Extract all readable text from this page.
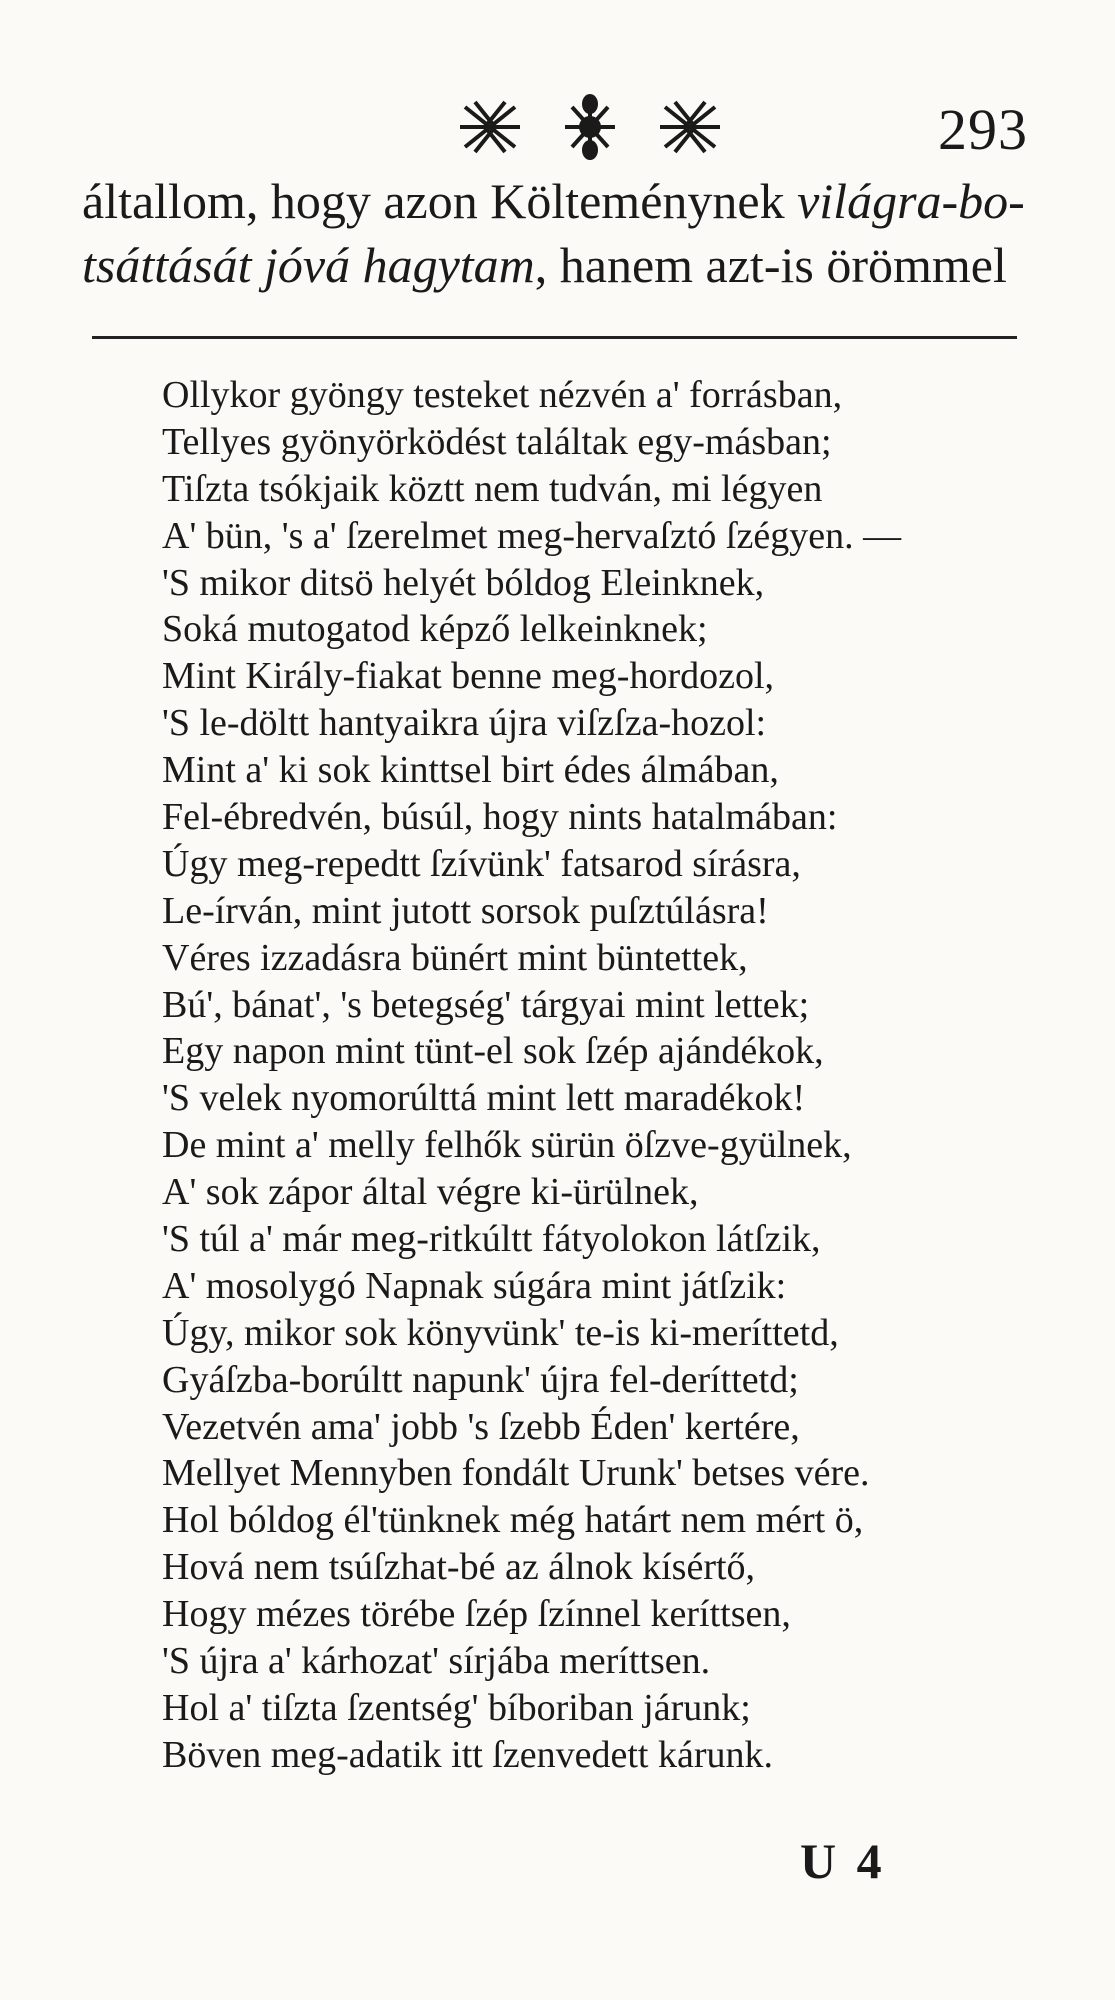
293
általlom, hogy azon Költeménynek világra-bo-
tsáttását jóvá hagytam, hanem azt-is örömmel
Ollykor gyöngy testeket nézvén a' forrásban,
Tellyes gyönyörködést találtak egy-másban;
Tiſzta tsókjaik köztt nem tudván, mi légyen
A' bün, 's a' ſzerelmet meg-hervaſztó ſzégyen. —
'S mikor ditsö helyét bóldog Eleinknek,
Soká mutogatod képző lelkeinknek;
Mint Király-fiakat benne meg-hordozol,
'S le-döltt hantyaikra újra viſzſza-hozol:
Mint a' ki sok kinttsel birt édes álmában,
Fel-ébredvén, búsúl, hogy nints hatalmában:
Úgy meg-repedtt ſzívünk' fatsarod sírásra,
Le-írván, mint jutott sorsok puſztúlásra!
Véres izzadásra bünért mint büntettek,
Bú', bánat', 's betegség' tárgyai mint lettek;
Egy napon mint tünt-el sok ſzép ajándékok,
'S velek nyomorúlttá mint lett maradékok!
De mint a' melly felhők sürün öſzve-gyülnek,
A' sok zápor által végre ki-ürülnek,
'S túl a' már meg-ritkúltt fátyolokon látſzik,
A' mosolygó Napnak súgára mint játſzik:
Úgy, mikor sok könyvünk' te-is ki-meríttetd,
Gyáſzba-borúltt napunk' újra fel-deríttetd;
Vezetvén ama' jobb 's ſzebb Éden' kertére,
Mellyet Mennyben fondált Urunk' betses vére.
Hol bóldog él'tünknek még határt nem mért ö,
Hová nem tsúſzhat-bé az álnok kísértő,
Hogy mézes törébe ſzép ſzínnel keríttsen,
'S újra a' kárhozat' sírjába meríttsen.
Hol a' tiſzta ſzentség' bíboriban járunk;
Böven meg-adatik itt ſzenvedett kárunk.
U 4
